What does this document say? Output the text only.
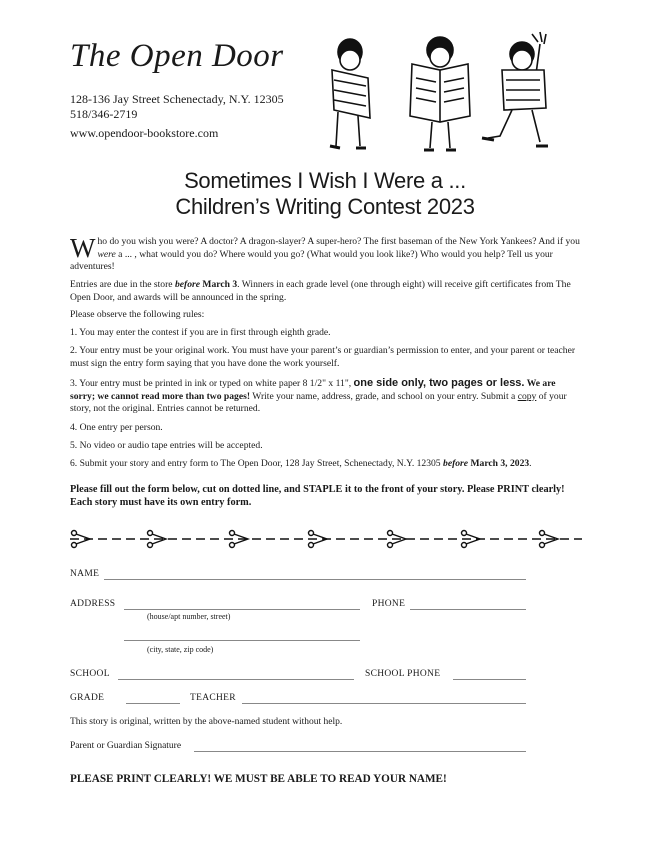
The Open Door
128-136 Jay Street Schenectady, N.Y. 12305
518/346-2719
www.opendoor-bookstore.com
Sometimes I Wish I Were a ...
Children’s Writing Contest 2023

Who do you wish you were? A doctor? A dragon-slayer? A super-hero? The first baseman of the New York Yankees? And if you were a ... , what would you do? Where would you go? (What would you look like?) Who would you help? Tell us your adventures!

Entries are due in the store before March 3. Winners in each grade level (one through eight) will receive gift certificates from The Open Door, and awards will be announced in the spring.

Please observe the following rules:

1. You may enter the contest if you are in first through eighth grade.

2. Your entry must be your original work. You must have your parent’s or guardian’s permission to enter, and your parent or teacher must sign the entry form saying that you have done the work yourself.

3. Your entry must be printed in ink or typed on white paper 8 1/2" x 11", one side only, two pages or less. We are sorry; we cannot read more than two pages! Write your name, address, grade, and school on your entry. Submit a copy of your story, not the original. Entries cannot be returned.

4. One entry per person.

5. No video or audio tape entries will be accepted.

6. Submit your story and entry form to The Open Door, 128 Jay Street, Schenectady, N.Y. 12305 before March 3, 2023.

Please fill out the form below, cut on dotted line, and STAPLE it to the front of your story. Please PRINT clearly! Each story must have its own entry form.
NAME
ADDRESS	PHONE
(house/apt number, street)
(city, state, zip code)
SCHOOL	SCHOOL PHONE
GRADE	TEACHER
This story is original, written by the above-named student without help.
Parent or Guardian Signature
PLEASE PRINT CLEARLY! WE MUST BE ABLE TO READ YOUR NAME!
